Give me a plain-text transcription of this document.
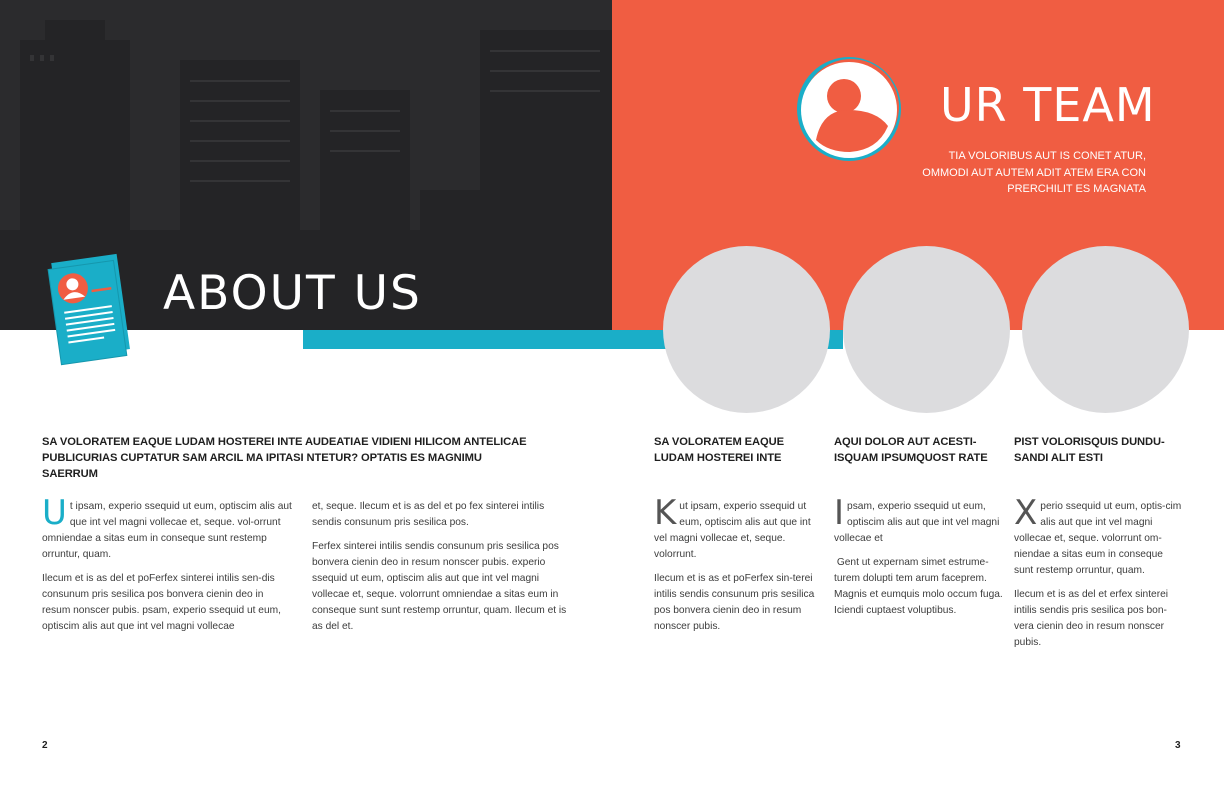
ABOUT US
UR TEAM
TIA VOLORIBUS AUT IS CONET ATUR, OMMODI AUT AUTEM ADIT ATEM ERA CON PRERCHILIT ES MAGNATA
SA VOLORATEM EAQUE LUDAM HOSTEREI INTE AUDEATIAE VIDIENI HILICOM ANTELICAE PUBLICURIAS CUPTATUR SAM ARCIL MA IPITASI NTETUR? OPTATIS ES MAGNIMU SAERRUM

Ut ipsam, experio ssequid ut eum, optiscim alis aut que int vel magni vollecae et, seque. vol-orrunt omniendae a sitas eum in conseque sunt restemp orruntur, quam.

Ilecum et is as del et poFerfex sinterei intilis sen-dis consunum pris sesilica pos bonvera cienin deo in resum nonscer pubis. psam, experio ssequid ut eum, optiscim alis aut que int vel magni vollecae

et, seque. Ilecum et is as del et po fex sinterei intilis sendis consunum pris sesilica pos.

Ferfex sinterei intilis sendis consunum pris sesilica pos bonvera cienin deo in resum nonscer pubis. experio ssequid ut eum, optiscim alis aut que int vel magni vollecae et, seque. volorrunt omniendae a sitas eum in conseque sunt sunt restemp orruntur, quam. Ilecum et is as del et.

SA VOLORATEM EAQUE LUDAM HOSTEREI INTE

Kut ipsam, experio ssequid ut eum, optiscim alis aut que int vel magni vollecae et, seque. volorrunt.

Ilecum et is as et poFerfex sin-terei intilis sendis consunum pris sesilica pos bonvera cienin deo in resum nonscer pubis.

AQUI DOLOR AUT ACESTI-ISQUAM IPSUMQUOST RATE

Ipsam, experio ssequid ut eum, optiscim alis aut que int vel magni vollecae et

Gent ut expernam simet estrume-turem dolupti tem arum faceprem. Magnis et eumquis molo occum fuga. Iciendi cuptaest voluptibus.

PIST VOLORISQUIS DUNDU-SANDI ALIT ESTI

Xperio ssequid ut eum, optis-cim alis aut que int vel magni vollecae et, seque. volorrunt om-niendae a sitas eum in conseque sunt restemp orruntur, quam.

Ilecum et is as del et erfex sinterei intilis sendis pris sesilica pos bon-vera cienin deo in resum nonscer pubis.

2	3
